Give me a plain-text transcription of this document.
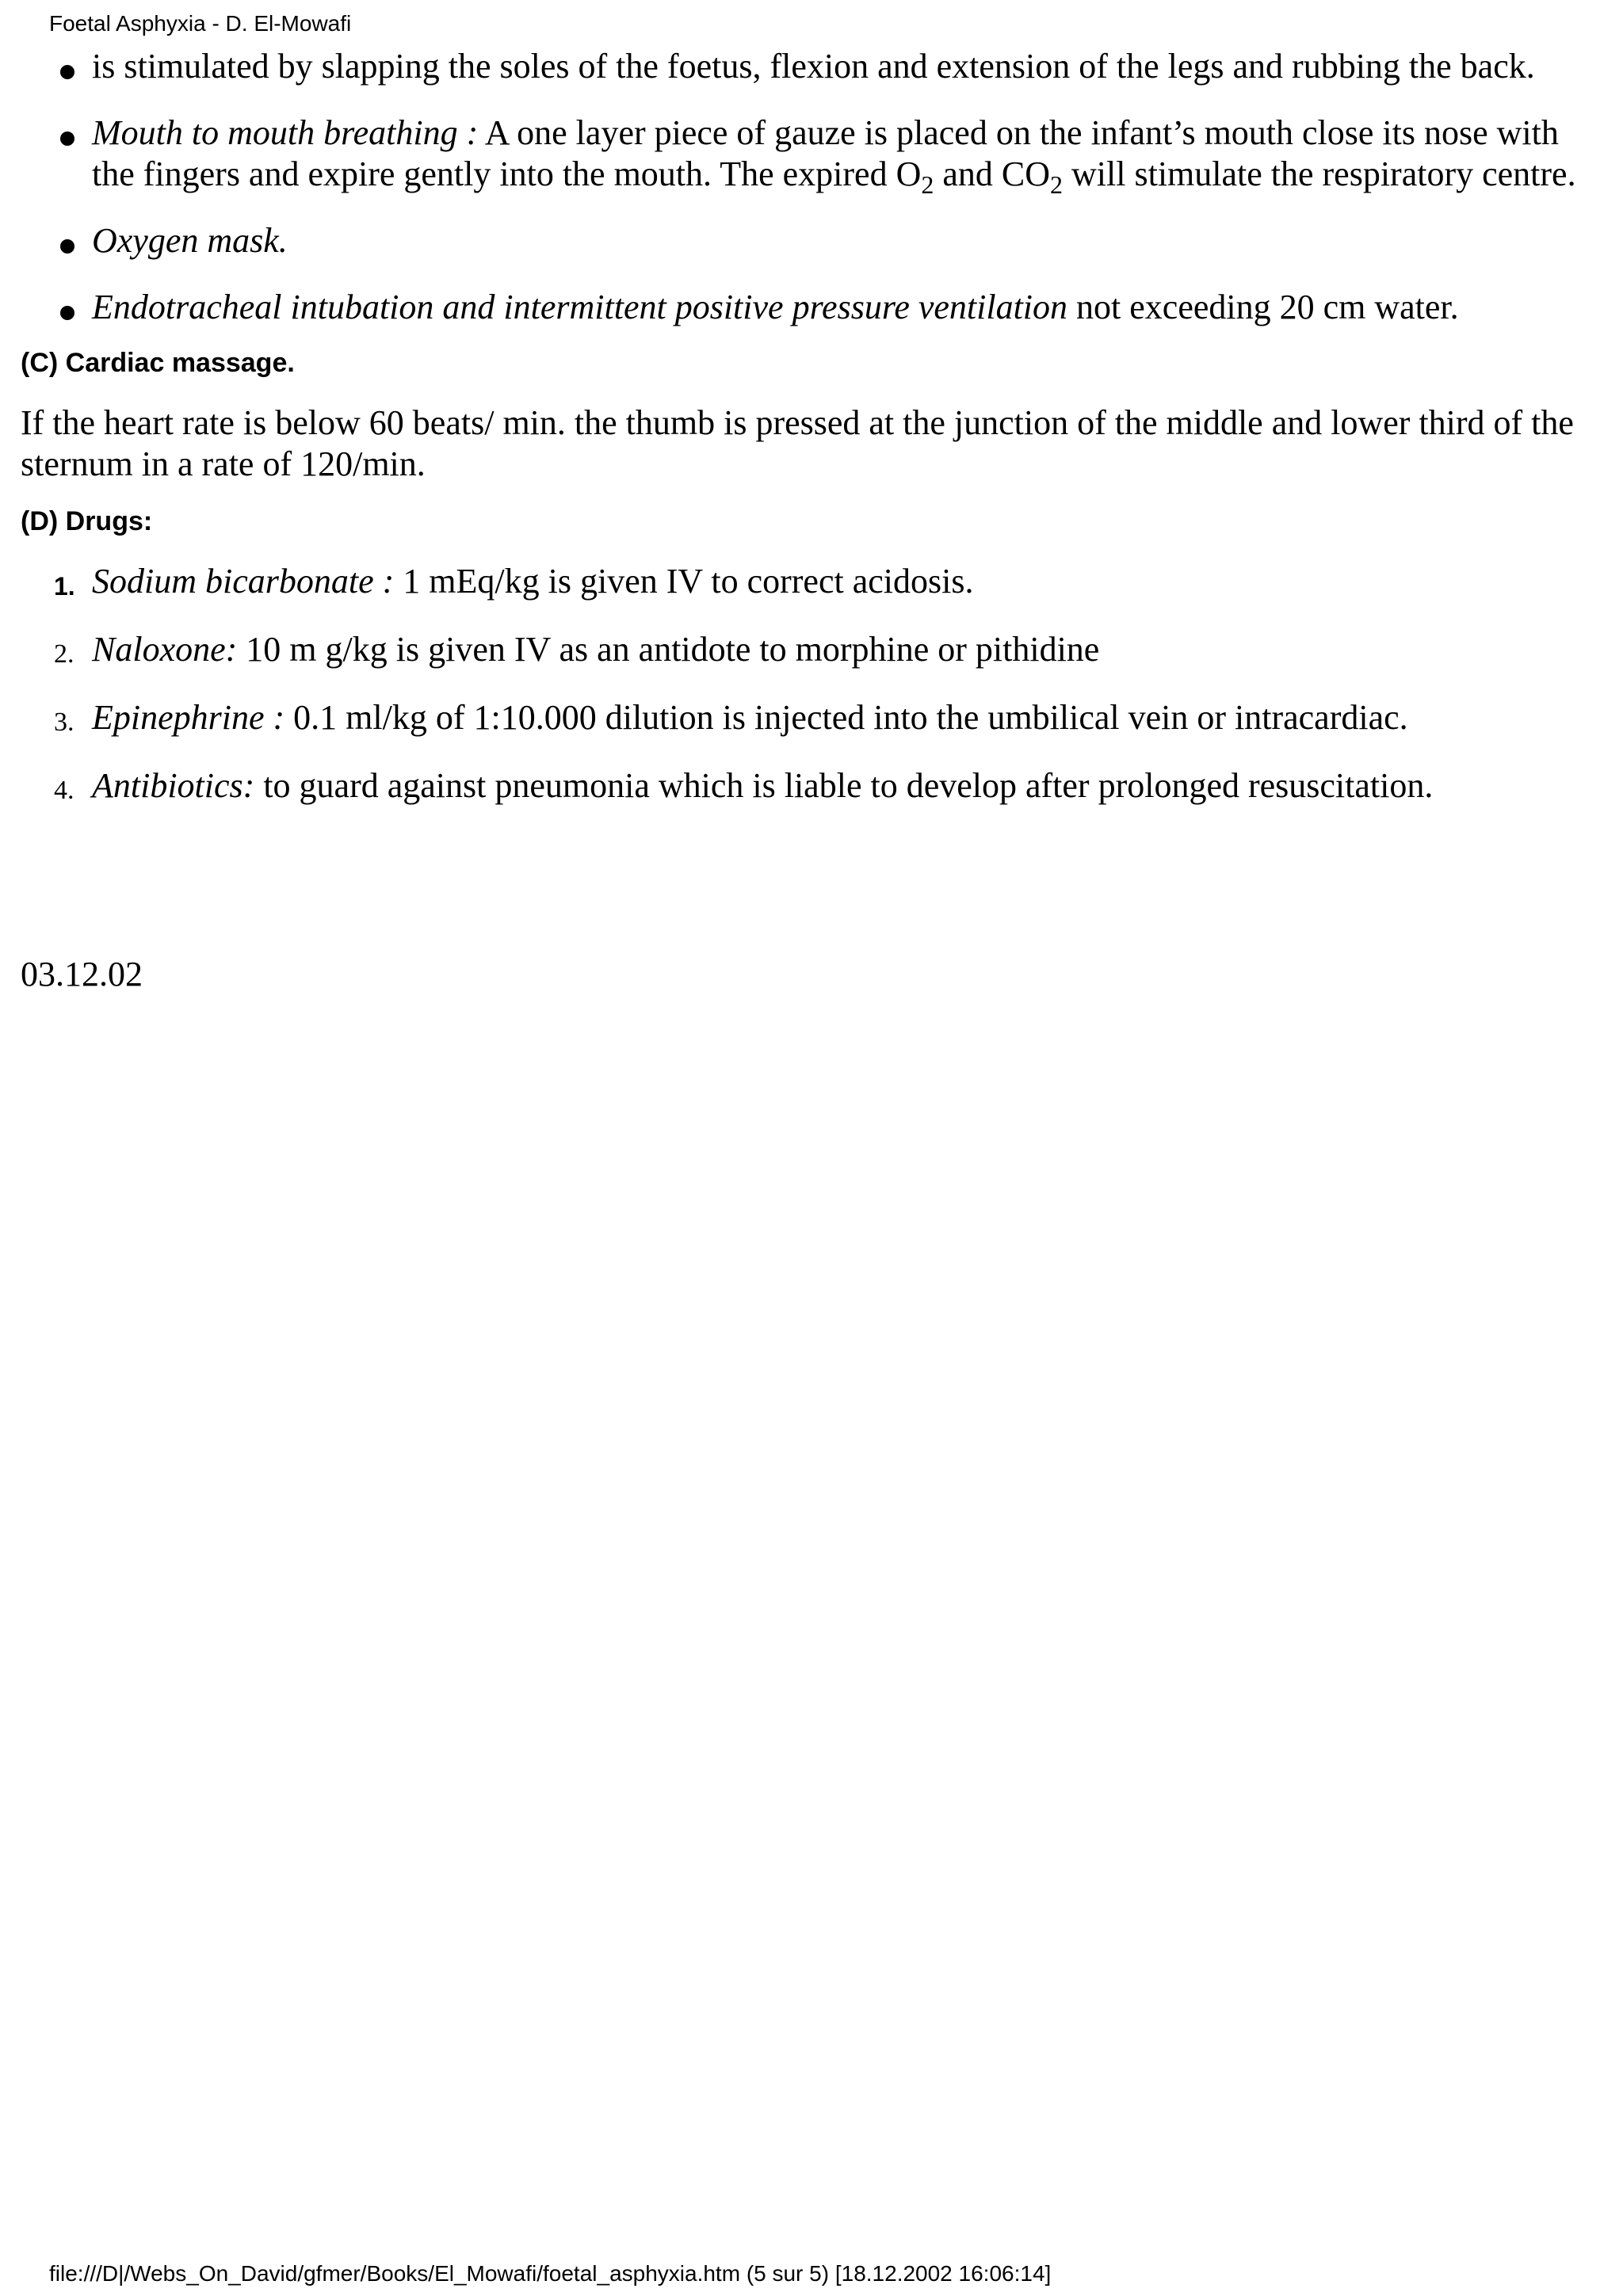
Foetal Asphyxia - D. El-Mowafi
is stimulated by slapping the soles of the foetus, flexion and extension of the legs and rubbing the back.
Mouth to mouth breathing : A one layer piece of gauze is placed on the infant’s mouth close its nose with the fingers and expire gently into the mouth. The expired $O_2$ and $CO_2$ will stimulate the respiratory centre.
Oxygen mask.
Endotracheal intubation and intermittent positive pressure ventilation not exceeding 20 cm water.
(C) Cardiac massage.
If the heart rate is below 60 beats/ min. the thumb is pressed at the junction of the middle and lower third of the sternum in a rate of 120/min.
(D) Drugs:
1. Sodium bicarbonate : 1 mEq/kg is given IV to correct acidosis.
2. Naloxone: 10 m g/kg is given IV as an antidote to morphine or pithidine
3. Epinephrine : 0.1 ml/kg of 1:10.000 dilution is injected into the umbilical vein or intracardiac.
4. Antibiotics: to guard against pneumonia which is liable to develop after prolonged resuscitation.
03.12.02
file:///D|/Webs_On_David/gfmer/Books/El_Mowafi/foetal_asphyxia.htm (5 sur 5) [18.12.2002 16:06:14]
